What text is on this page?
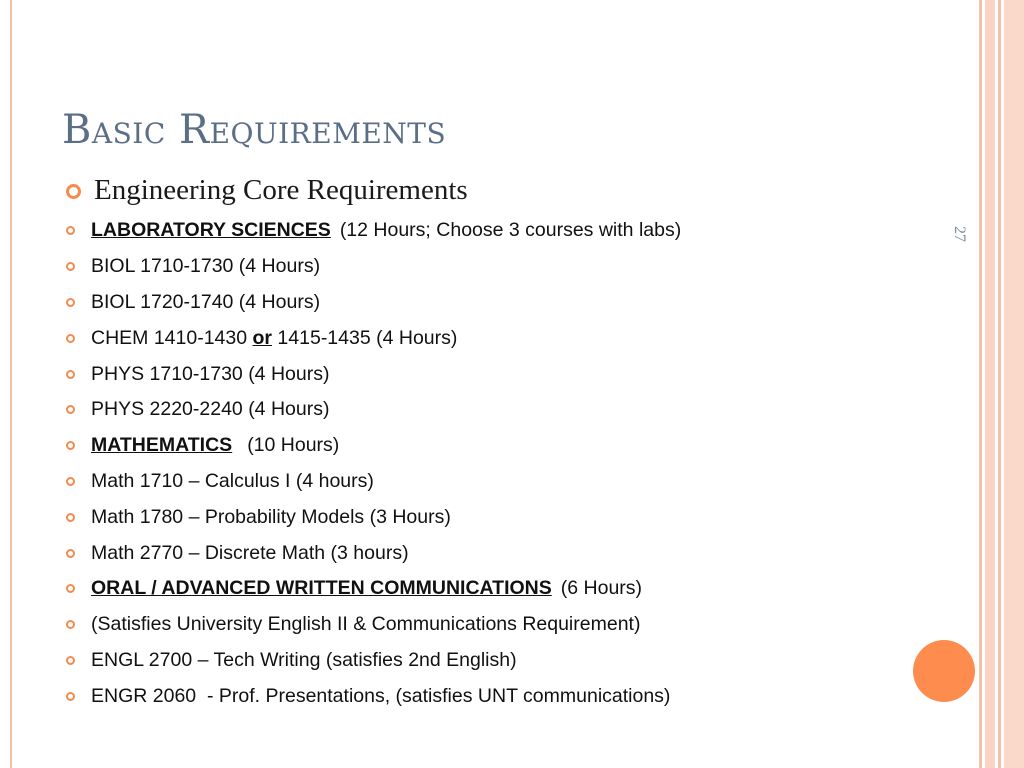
Basic Requirements
27
Engineering Core Requirements
LABORATORY SCIENCES (12 Hours; Choose 3 courses with labs)
BIOL 1710-1730 (4 Hours)
BIOL 1720-1740 (4 Hours)
CHEM 1410-1430 or 1415-1435 (4 Hours)
PHYS 1710-1730 (4 Hours)
PHYS 2220-2240 (4 Hours)
MATHEMATICS (10 Hours)
Math 1710 – Calculus I (4 hours)
Math 1780 – Probability Models (3 Hours)
Math 2770 – Discrete Math (3 hours)
ORAL / ADVANCED WRITTEN COMMUNICATIONS (6 Hours)
(Satisfies University English II & Communications Requirement)
ENGL 2700 – Tech Writing (satisfies 2nd English)
ENGR 2060  - Prof. Presentations, (satisfies UNT communications)
